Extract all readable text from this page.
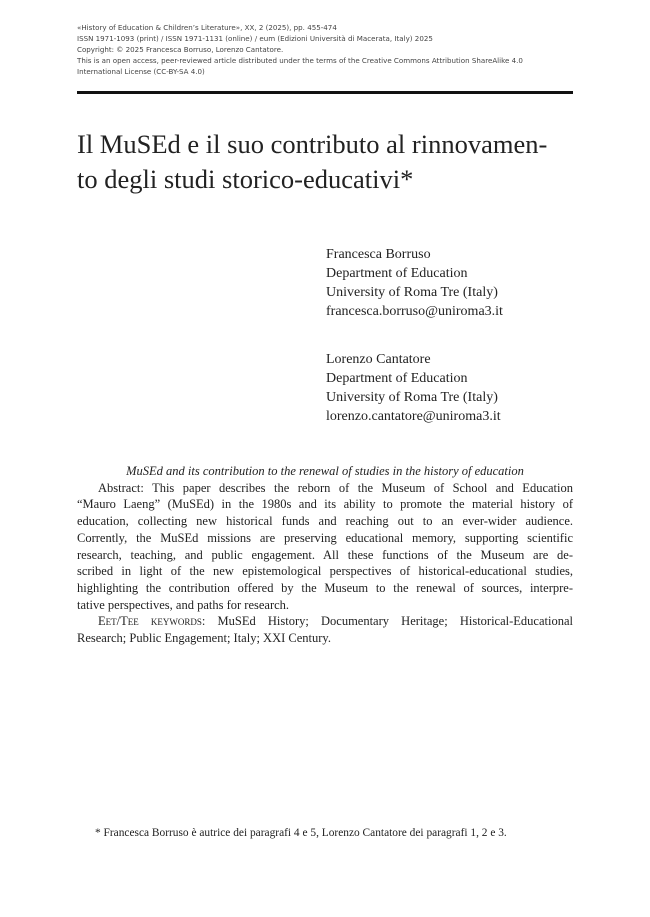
«History of Education & Children’s Literature», XX, 2 (2025), pp. 455-474
ISSN 1971-1093 (print) / ISSN 1971-1131 (online) / eum (Edizioni Università di Macerata, Italy) 2025
Copyright: © 2025 Francesca Borruso, Lorenzo Cantatore.
This is an open access, peer-reviewed article distributed under the terms of the Creative Commons Attribution ShareAlike 4.0
International License (CC-BY-SA 4.0)
Il MuSEd e il suo contributo al rinnovamen-
to degli studi storico-educativi*
Francesca Borruso
Department of Education
University of Roma Tre (Italy)
francesca.borruso@uniroma3.it
Lorenzo Cantatore
Department of Education
University of Roma Tre (Italy)
lorenzo.cantatore@uniroma3.it
MuSEd and its contribution to the renewal of studies in the history of education
Abstract: This paper describes the reborn of the Museum of School and Education
“Mauro Laeng” (MuSEd) in the 1980s and its ability to promote the material history of
education, collecting new historical funds and reaching out to an ever-wider audience.
Corrently, the MuSEd missions are preserving educational memory, supporting scientific
research, teaching, and public engagement. All these functions of the Museum are de-
scribed in light of the new epistemological perspectives of historical-educational studies,
highlighting the contribution offered by the Museum to the renewal of sources, interpre-
tative perspectives, and paths for research.
Eet/Tee keywords: MuSEd History; Documentary Heritage; Historical-Educational
Research; Public Engagement; Italy; XXI Century.
* Francesca Borruso è autrice dei paragrafi 4 e 5, Lorenzo Cantatore dei paragrafi 1, 2 e 3.
